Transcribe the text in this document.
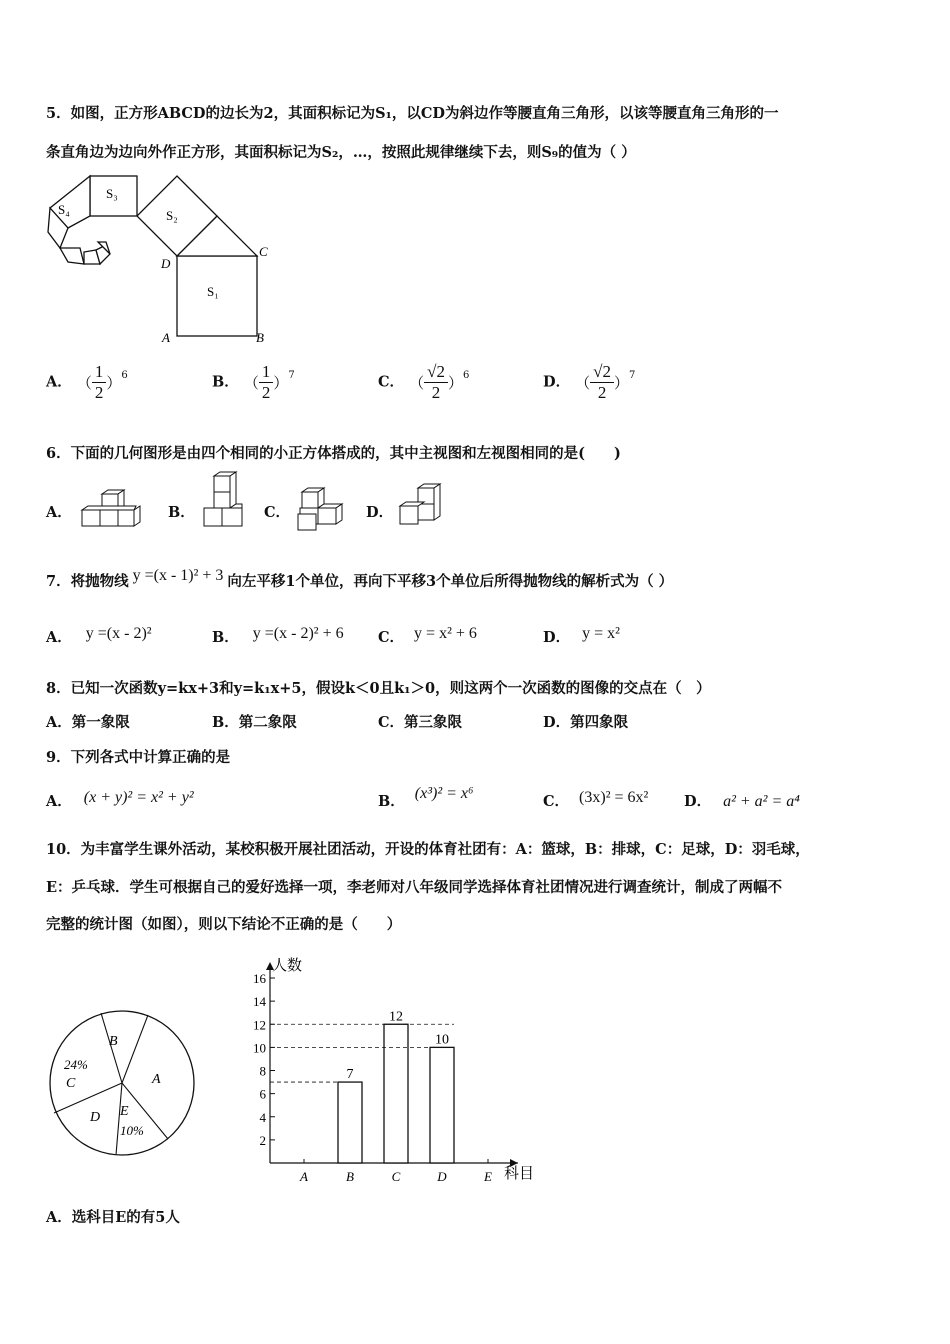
5．如图，正方形ABCD的边长为2，其面积标记为S₁，以CD为斜边作等腰直角三角形，以该等腰直角三角形的一
条直角边为边向外作正方形，其面积标记为S₂，…，按照此规律继续下去，则S₉的值为（ ）
S₁
S₂
S₃
S₄
A	B
C
D
A． （ $\frac{1}{2} )^6$	B． （ $\frac{1}{2} )^7$	C． （ $\frac{√2}{2} )^6$	D． （ $\frac{√2}{2} )^7$
6．下面的几何图形是由四个相同的小正方体搭成的，其中主视图和左视图相同的是(　　)
A．	B．	C．	D．
7．将抛物线 y =(x - 1)² + 3 向左平移1个单位，再向下平移3个单位后所得抛物线的解析式为（ ）
A． y =(x - 2)²	B． y =(x - 2)² + 6 C． y = x² + 6	D． y = x²
8．已知一次函数y=kx+3和y=k₁x+5，假设k＜0且k₁＞0，则这两个一次函数的图像的交点在（　）
A．第一象限	B．第二象限	C．第三象限	D．第四象限
9．下列各式中计算正确的是
A． (x + y)² = x² + y²	B． (x³)² = x⁶	C． (3x)² = 6x² D． a² + a² = a⁴
10．为丰富学生课外活动，某校积极开展社团活动，开设的体育社团有：A：篮球，B：排球，C：足球，D：羽毛球，
E：乒乓球．学生可根据自己的爱好选择一项，李老师对八年级同学选择体育社团情况进行调查统计，制成了两幅不
完整的统计图（如图），则以下结论不正确的是（　　）
B
A
24%
C
D E
10%
人数
科目
2
4
6
8
10
12
14
16
A	B
7
C
12
D
10
E
A．选科目E的有5人
